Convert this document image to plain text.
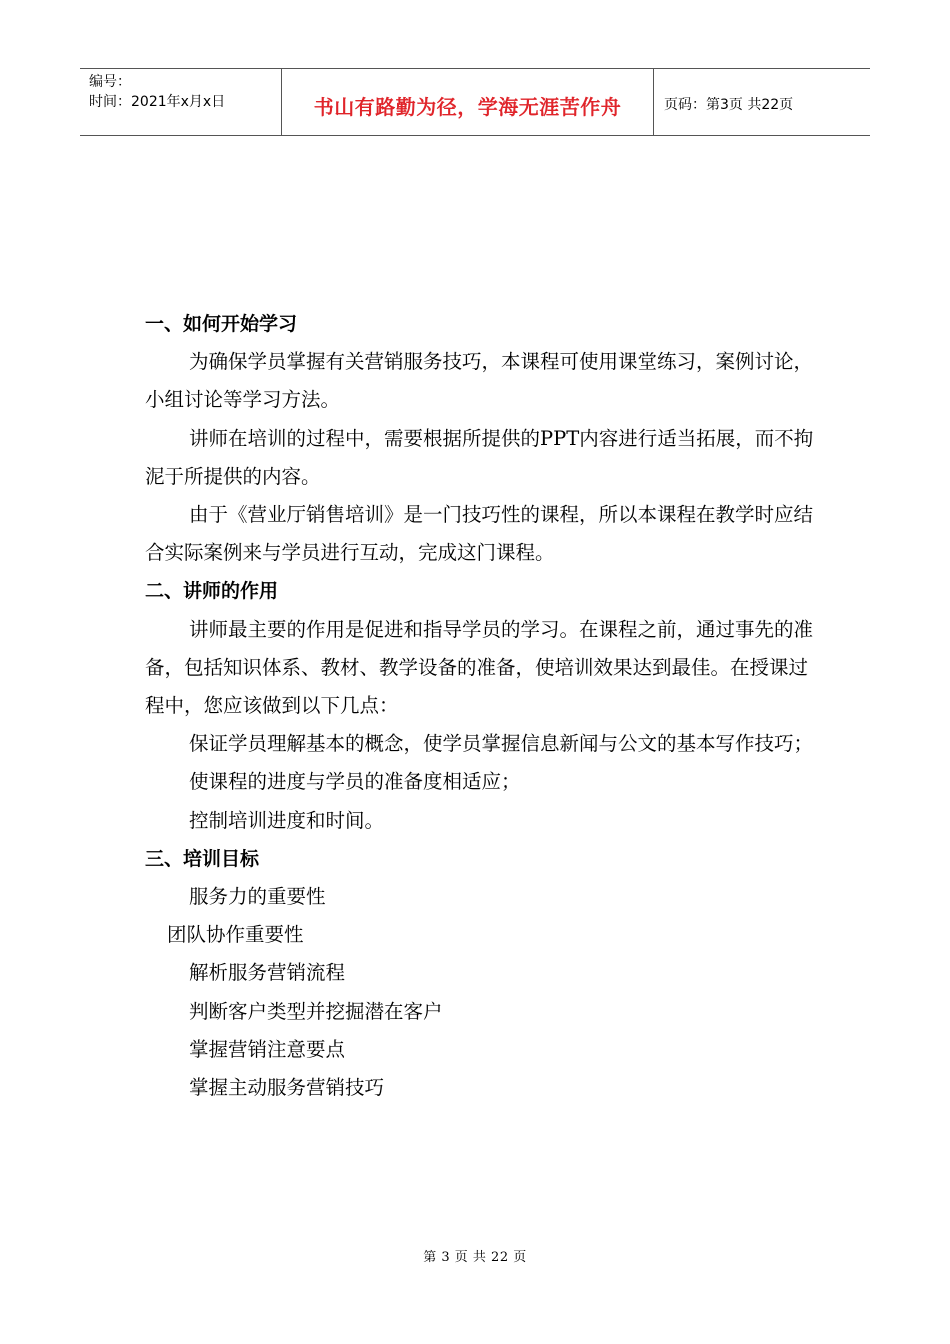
编号：
时间：2021年x月x日	书山有路勤为径，学海无涯苦作舟	页码：第3页 共22页

一、如何开始学习

为确保学员掌握有关营销服务技巧，本课程可使用课堂练习，案例讨论，小组讨论等学习方法。

讲师在培训的过程中，需要根据所提供的PPT内容进行适当拓展，而不拘泥于所提供的内容。

由于《营业厅销售培训》是一门技巧性的课程，所以本课程在教学时应结合实际案例来与学员进行互动，完成这门课程。

二、讲师的作用

讲师最主要的作用是促进和指导学员的学习。在课程之前，通过事先的准备，包括知识体系、教材、教学设备的准备，使培训效果达到最佳。在授课过程中，您应该做到以下几点：

保证学员理解基本的概念，使学员掌握信息新闻与公文的基本写作技巧；

使课程的进度与学员的准备度相适应；

控制培训进度和时间。

三、培训目标

服务力的重要性

团队协作重要性

解析服务营销流程

判断客户类型并挖掘潜在客户

掌握营销注意要点

掌握主动服务营销技巧

第 3 页 共 22 页
